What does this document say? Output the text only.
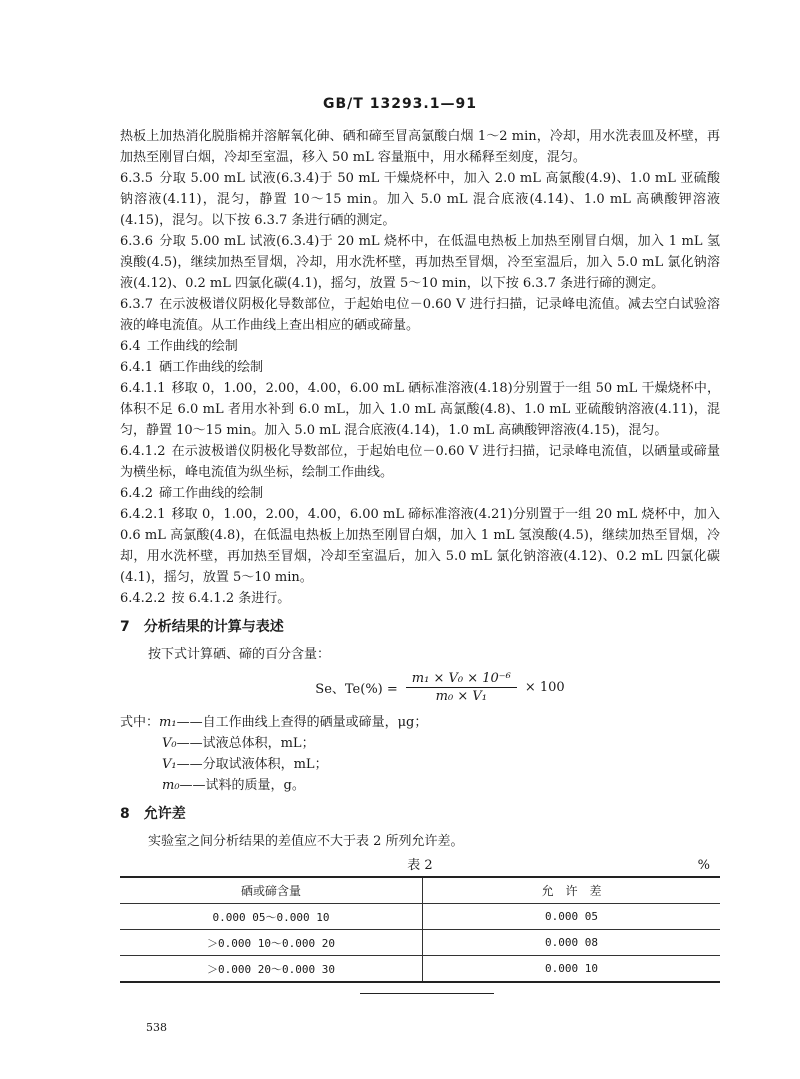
GB/T 13293.1—91

热板上加热消化脱脂棉并溶解氧化砷、硒和碲至冒高氯酸白烟 1～2 min，冷却，用水洗表皿及杯壁，再加热至刚冒白烟，冷却至室温，移入 50 mL 容量瓶中，用水稀释至刻度，混匀。

6.3.5 分取 5.00 mL 试液(6.3.4)于 50 mL 干燥烧杯中，加入 2.0 mL 高氯酸(4.9)、1.0 mL 亚硫酸钠溶液(4.11)，混匀，静置 10～15 min。加入 5.0 mL 混合底液(4.14)、1.0 mL 高碘酸钾溶液(4.15)，混匀。以下按 6.3.7 条进行硒的测定。

6.3.6 分取 5.00 mL 试液(6.3.4)于 20 mL 烧杯中，在低温电热板上加热至刚冒白烟，加入 1 mL 氢溴酸(4.5)，继续加热至冒烟，冷却，用水洗杯壁，再加热至冒烟，冷至室温后，加入 5.0 mL 氯化钠溶液(4.12)、0.2 mL 四氯化碳(4.1)，摇匀，放置 5～10 min，以下按 6.3.7 条进行碲的测定。

6.3.7 在示波极谱仪阴极化导数部位，于起始电位－0.60 V 进行扫描，记录峰电流值。减去空白试验溶液的峰电流值。从工作曲线上查出相应的硒或碲量。

6.4 工作曲线的绘制

6.4.1 硒工作曲线的绘制

6.4.1.1 移取 0，1.00，2.00，4.00，6.00 mL 硒标准溶液(4.18)分别置于一组 50 mL 干燥烧杯中，体积不足 6.0 mL 者用水补到 6.0 mL，加入 1.0 mL 高氯酸(4.8)、1.0 mL 亚硫酸钠溶液(4.11)，混匀，静置 10～15 min。加入 5.0 mL 混合底液(4.14)，1.0 mL 高碘酸钾溶液(4.15)，混匀。

6.4.1.2 在示波极谱仪阴极化导数部位，于起始电位－0.60 V 进行扫描，记录峰电流值，以硒量或碲量为横坐标，峰电流值为纵坐标，绘制工作曲线。

6.4.2 碲工作曲线的绘制

6.4.2.1 移取 0，1.00，2.00，4.00，6.00 mL 碲标准溶液(4.21)分别置于一组 20 mL 烧杯中，加入 0.6 mL 高氯酸(4.8)，在低温电热板上加热至刚冒白烟，加入 1 mL 氢溴酸(4.5)，继续加热至冒烟，冷却，用水洗杯壁，再加热至冒烟，冷却至室温后，加入 5.0 mL 氯化钠溶液(4.12)、0.2 mL 四氯化碳(4.1)，摇匀，放置 5～10 min。

6.4.2.2 按 6.4.1.2 条进行。

7　分析结果的计算与表述

按下式计算硒、碲的百分含量：

Se、$Te(\%) = \frac{\text{m₁ × V₀ × 10⁻⁶}}{\text{m₀ × V₁}} \times 100$

式中：m₁——自工作曲线上查得的硒量或碲量，μg；

V₀——试液总体积，mL；

V₁——分取试液体积，mL；

m₀——试料的质量，g。

8　允许差

实验室之间分析结果的差值应不大于表 2 所列允许差。

表 2	%
硒或碲含量	允　许　差
0.000 05～0.000 10	0.000 05
＞0.000 10～0.000 20	0.000 08
＞0.000 20～0.000 30	0.000 10
538
